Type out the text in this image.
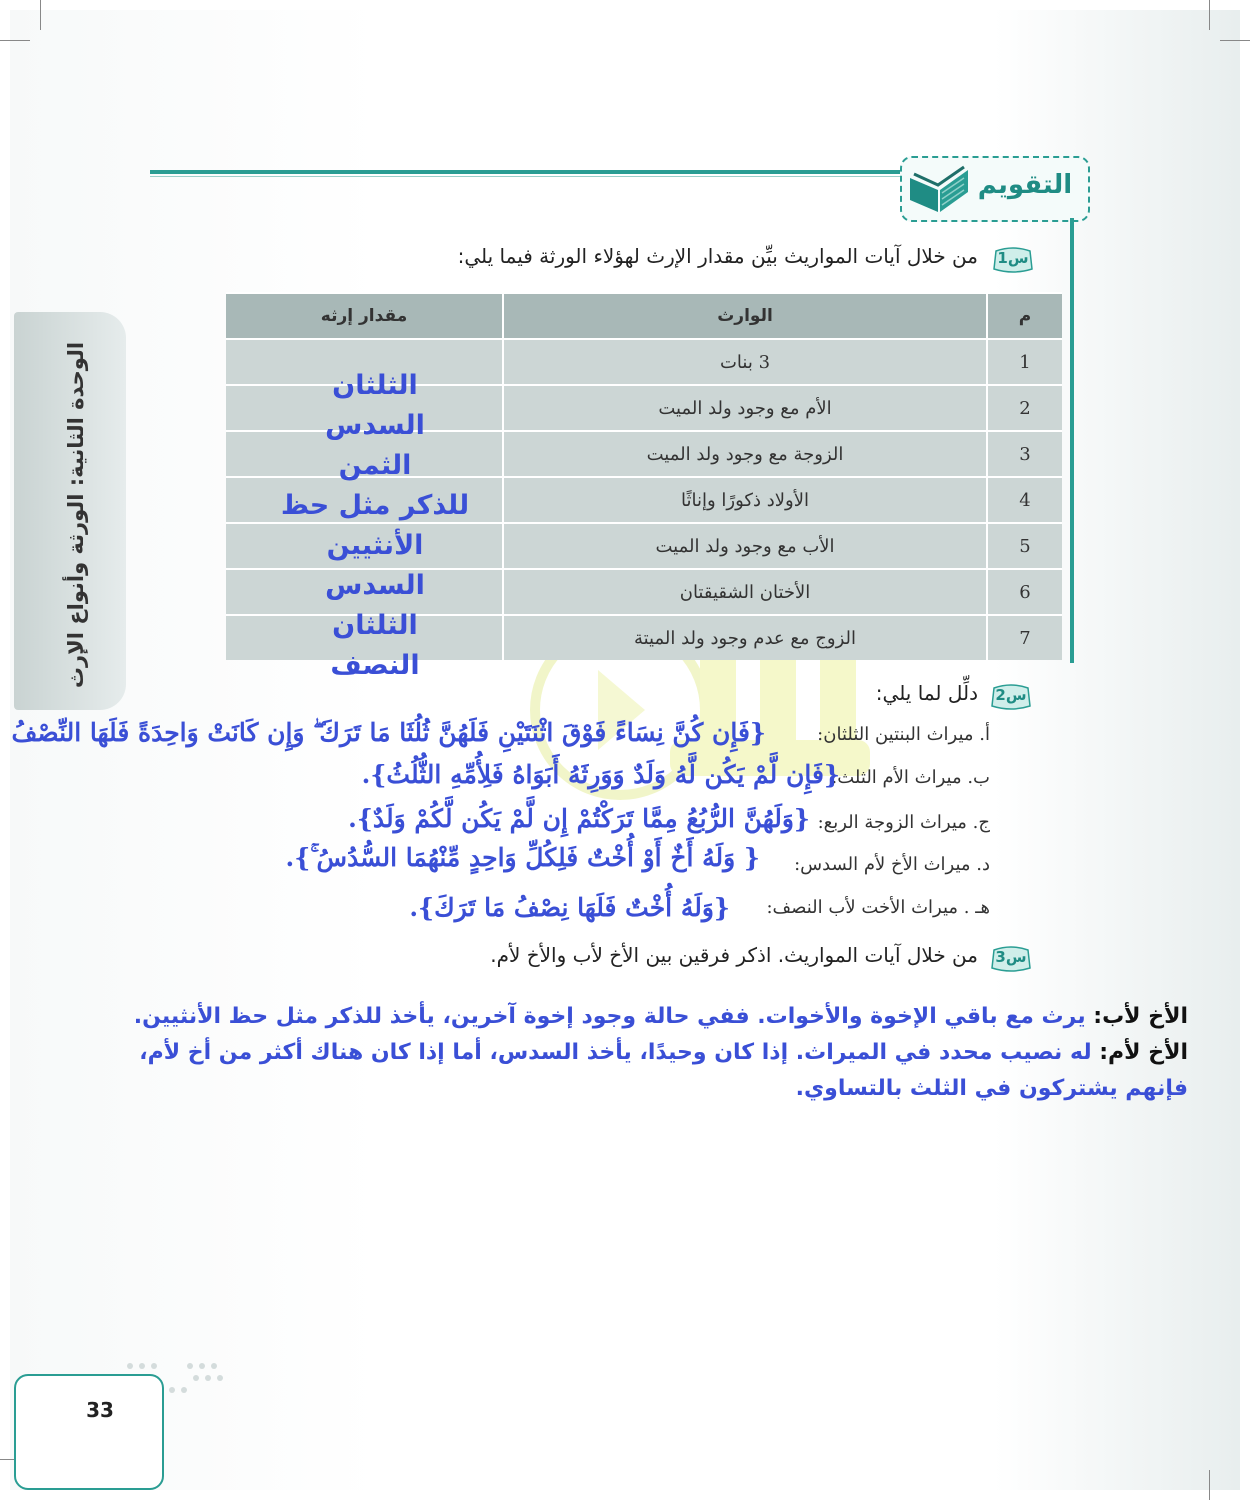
الوحدة الثانية: الورثة وأنواع الإرث
التقويم
س1
من خلال آيات المواريث بيِّن مقدار الإرث لهؤلاء الورثة فيما يلي:
م
الوارث
مقدار إرثه
1
3 بنات
2
الأم مع وجود ولد الميت
3
الزوجة مع وجود ولد الميت
4
الأولاد ذكورًا وإناثًا
5
الأب مع وجود ولد الميت
6
الأختان الشقيقتان
7
الزوج مع عدم وجود ولد الميتة
الثلثان
السدس
الثمن
للذكر مثل حظ
الأنثيين
السدس
الثلثان
النصف
س2
دلِّل لما يلي:
أ. ميراث البنتين الثلثان:
{فَإِن كُنَّ نِسَاءً فَوْقَ اثْنَتَيْنِ فَلَهُنَّ ثُلُثَا مَا تَرَكَ ۖ وَإِن كَانَتْ وَاحِدَةً فَلَهَا النِّصْفُ
ب. ميراث الأم الثلث:
{فَإِن لَّمْ يَكُن لَّهُ وَلَدٌ وَوَرِثَهُ أَبَوَاهُ فَلِأُمِّهِ الثُّلُثُ}.
ج. ميراث الزوجة الربع:
{وَلَهُنَّ الرُّبُعُ مِمَّا تَرَكْتُمْ إِن لَّمْ يَكُن لَّكُمْ وَلَدٌ}.
د. ميراث الأخ لأم السدس:
{ وَلَهُ أَخٌ أَوْ أُخْتٌ فَلِكُلِّ وَاحِدٍ مِّنْهُمَا السُّدُسُ ۚ}.
هـ . ميراث الأخت لأب النصف:
{وَلَهُ أُخْتٌ فَلَهَا نِصْفُ مَا تَرَكَ}.
س3
من خلال آيات المواريث. اذكر فرقين بين الأخ لأب والأخ لأم.
الأخ لأب: يرث مع باقي الإخوة والأخوات. ففي حالة وجود إخوة آخرين، يأخذ للذكر مثل حظ الأنثيين.
الأخ لأم: له نصيب محدد في الميراث. إذا كان وحيدًا، يأخذ السدس، أما إذا كان هناك أكثر من أخ لأم،
فإنهم يشتركون في الثلث بالتساوي.
33
